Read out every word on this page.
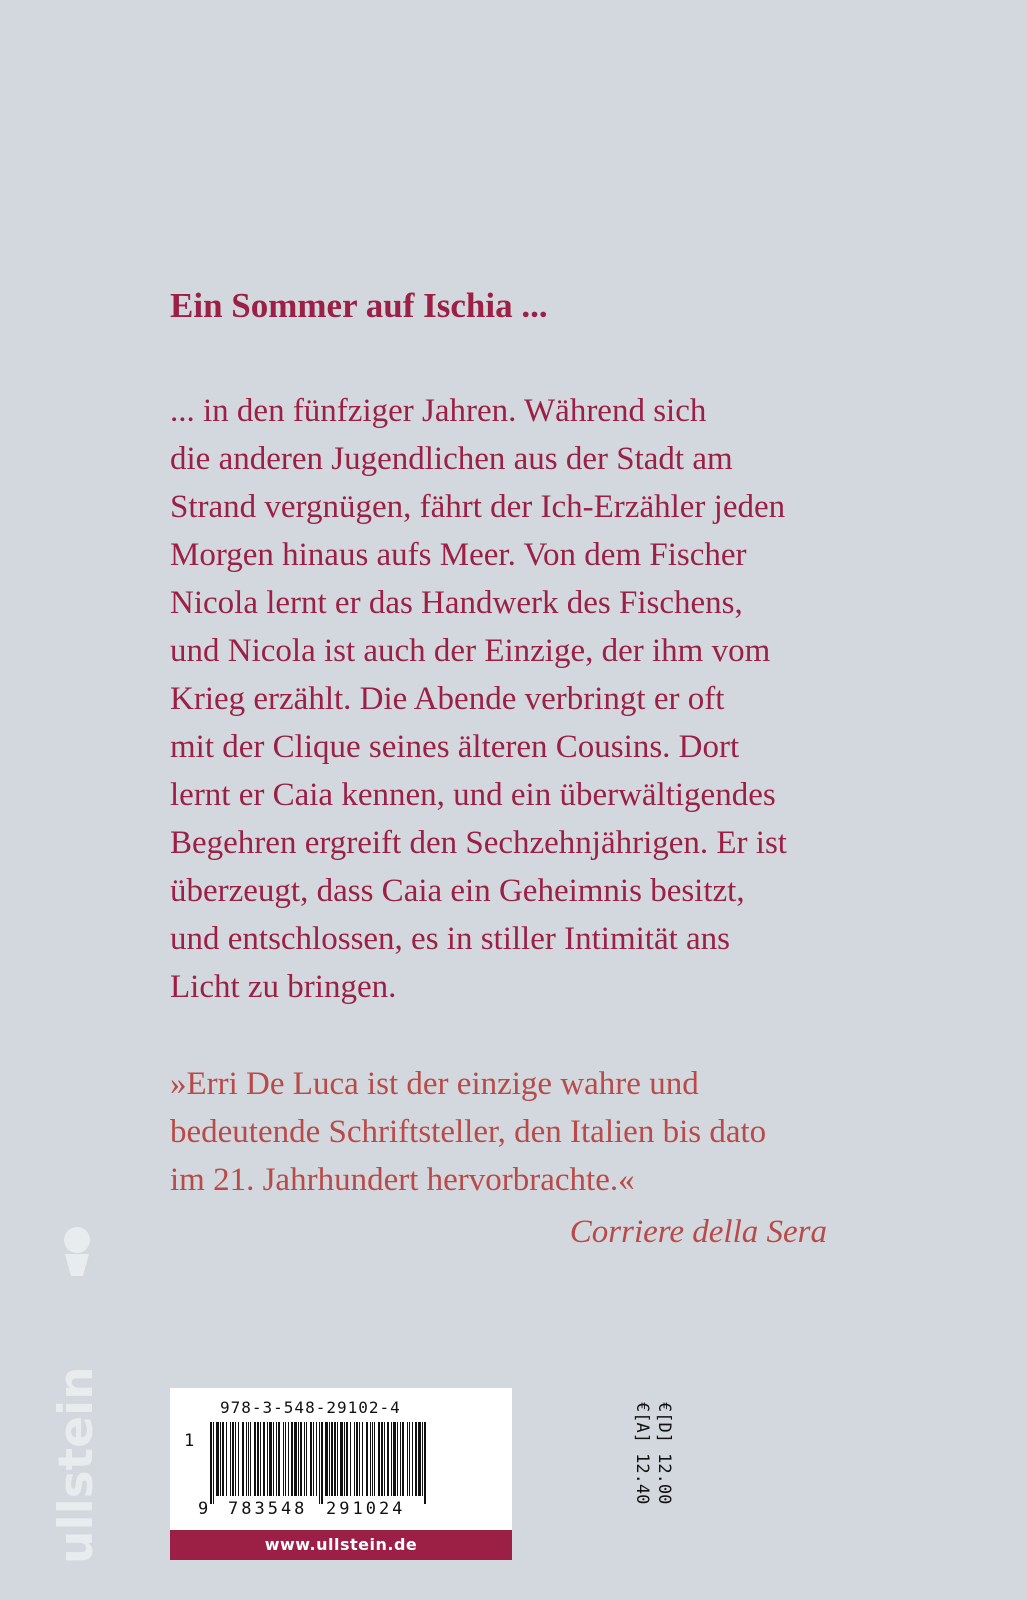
Ein Sommer auf Ischia ...

... in den fünfziger Jahren. Während sich
die anderen Jugendlichen aus der Stadt am
Strand vergnügen, fährt der Ich-Erzähler jeden
Morgen hinaus aufs Meer. Von dem Fischer
Nicola lernt er das Handwerk des Fischens,
und Nicola ist auch der Einzige, der ihm vom
Krieg erzählt. Die Abende verbringt er oft
mit der Clique seines älteren Cousins. Dort
lernt er Caia kennen, und ein überwältigendes
Begehren ergreift den Sechzehnjährigen. Er ist
überzeugt, dass Caia ein Geheimnis besitzt,
und entschlossen, es in stiller Intimität ans
Licht zu bringen.

»Erri De Luca ist der einzige wahre und
bedeutende Schriftsteller, den Italien bis dato
im 21. Jahrhundert hervorbrachte.«

Corriere della Sera

ullstein	978-3-548-29102-4
1
9 783548 291024
€[D] 12.00
€[A] 12.40
www.ullstein.de
